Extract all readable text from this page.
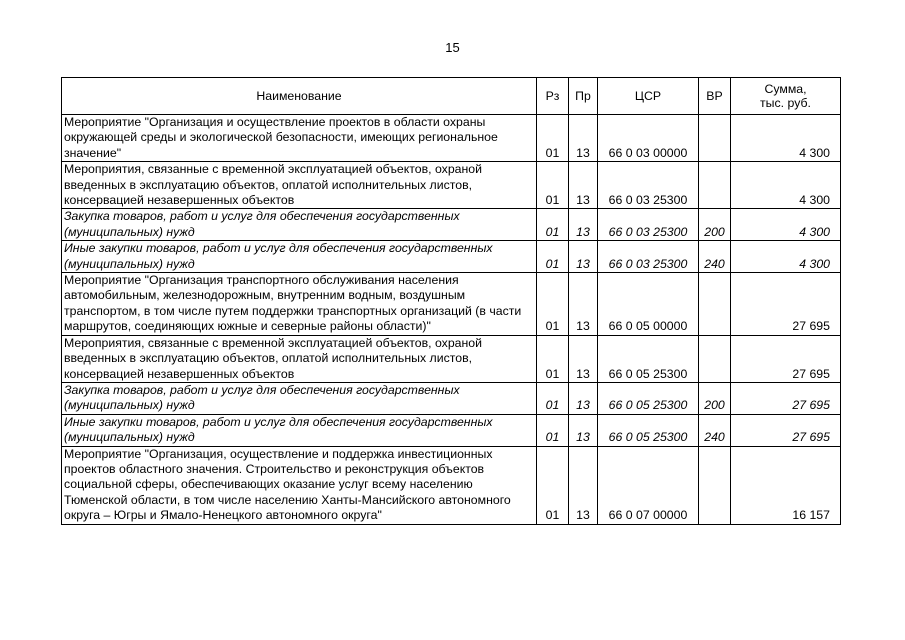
15
Наименование	Рз	Пр	ЦСР	ВР	Сумма,
тыс. руб.
Мероприятие "Организация и осуществление проектов в области охраны окружающей среды и экологической безопасности, имеющих региональное значение"	01	13	66 0 03 00000		4 300
Мероприятия, связанные с временной эксплуатацией объектов, охраной введенных в эксплуатацию объектов, оплатой исполнительных листов, консервацией незавершенных объектов	01	13	66 0 03 25300		4 300
Закупка товаров, работ и услуг для обеспечения государственных (муниципальных) нужд	01	13	66 0 03 25300	200	4 300
Иные закупки товаров, работ и услуг для обеспечения государственных (муниципальных) нужд	01	13	66 0 03 25300	240	4 300
Мероприятие "Организация транспортного обслуживания населения автомобильным, железнодорожным, внутренним водным, воздушным транспортом, в том числе путем поддержки транспортных организаций (в части маршрутов, соединяющих южные и северные районы области)"	01	13	66 0 05 00000		27 695
Мероприятия, связанные с временной эксплуатацией объектов, охраной введенных в эксплуатацию объектов, оплатой исполнительных листов, консервацией незавершенных объектов	01	13	66 0 05 25300		27 695
Закупка товаров, работ и услуг для обеспечения государственных (муниципальных) нужд	01	13	66 0 05 25300	200	27 695
Иные закупки товаров, работ и услуг для обеспечения государственных (муниципальных) нужд	01	13	66 0 05 25300	240	27 695
Мероприятие "Организация, осуществление и поддержка инвестиционных проектов областного значения. Строительство и реконструкция объектов социальной сферы, обеспечивающих оказание услуг всему населению Тюменской области, в том числе населению Ханты-Мансийского автономного округа – Югры и Ямало-Ненецкого автономного округа"	01	13	66 0 07 00000		16 157
